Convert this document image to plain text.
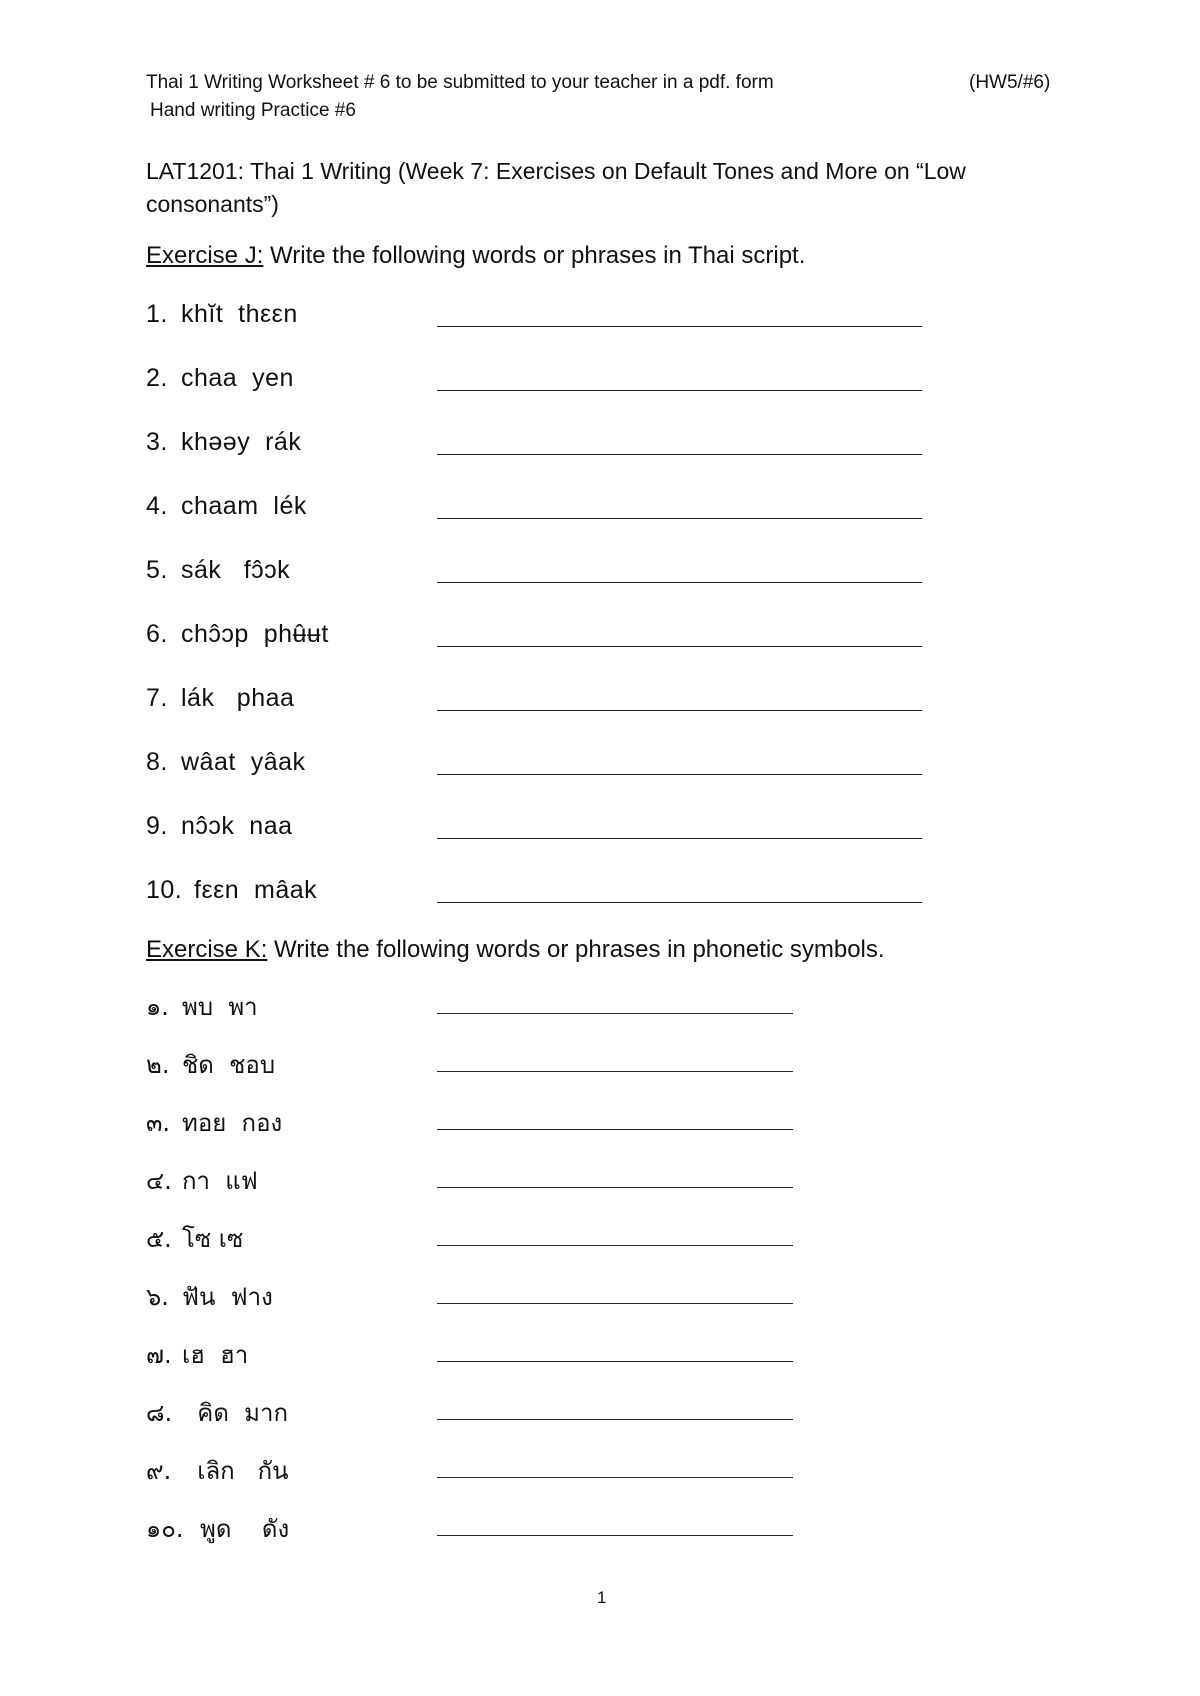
Thai 1 Writing Worksheet # 6 to be submitted to your teacher in a pdf. form	(HW5/#6)
Hand writing Practice #6
LAT1201: Thai 1 Writing (Week 7: Exercises on Default Tones and More on “Low consonants”)
Exercise J: Write the following words or phrases in Thai script.
1. khĭt  thεεn
2. chaa  yen
3. khəəy  rák
4. chaam  lék
5. sák   fɔ̂ɔk
6. chɔ̂ɔp  phʉ̂ʉt
7. lák   phaa
8. wâat  yâak
9. nɔ̂ɔk  naa
10. fεεn  mâak
Exercise K: Write the following words or phrases in phonetic symbols.
๑. พบ  พา
๒. ชิด  ชอบ
๓. ทอย  กอง
๔. กา  แฟ
๕. โซ เซ
๖. ฟัน  ฟาง
๗. เฮ  ฮา
๘. คิด  มาก
๙. เลิก   กัน
๑๐. พูด    ดัง
1
